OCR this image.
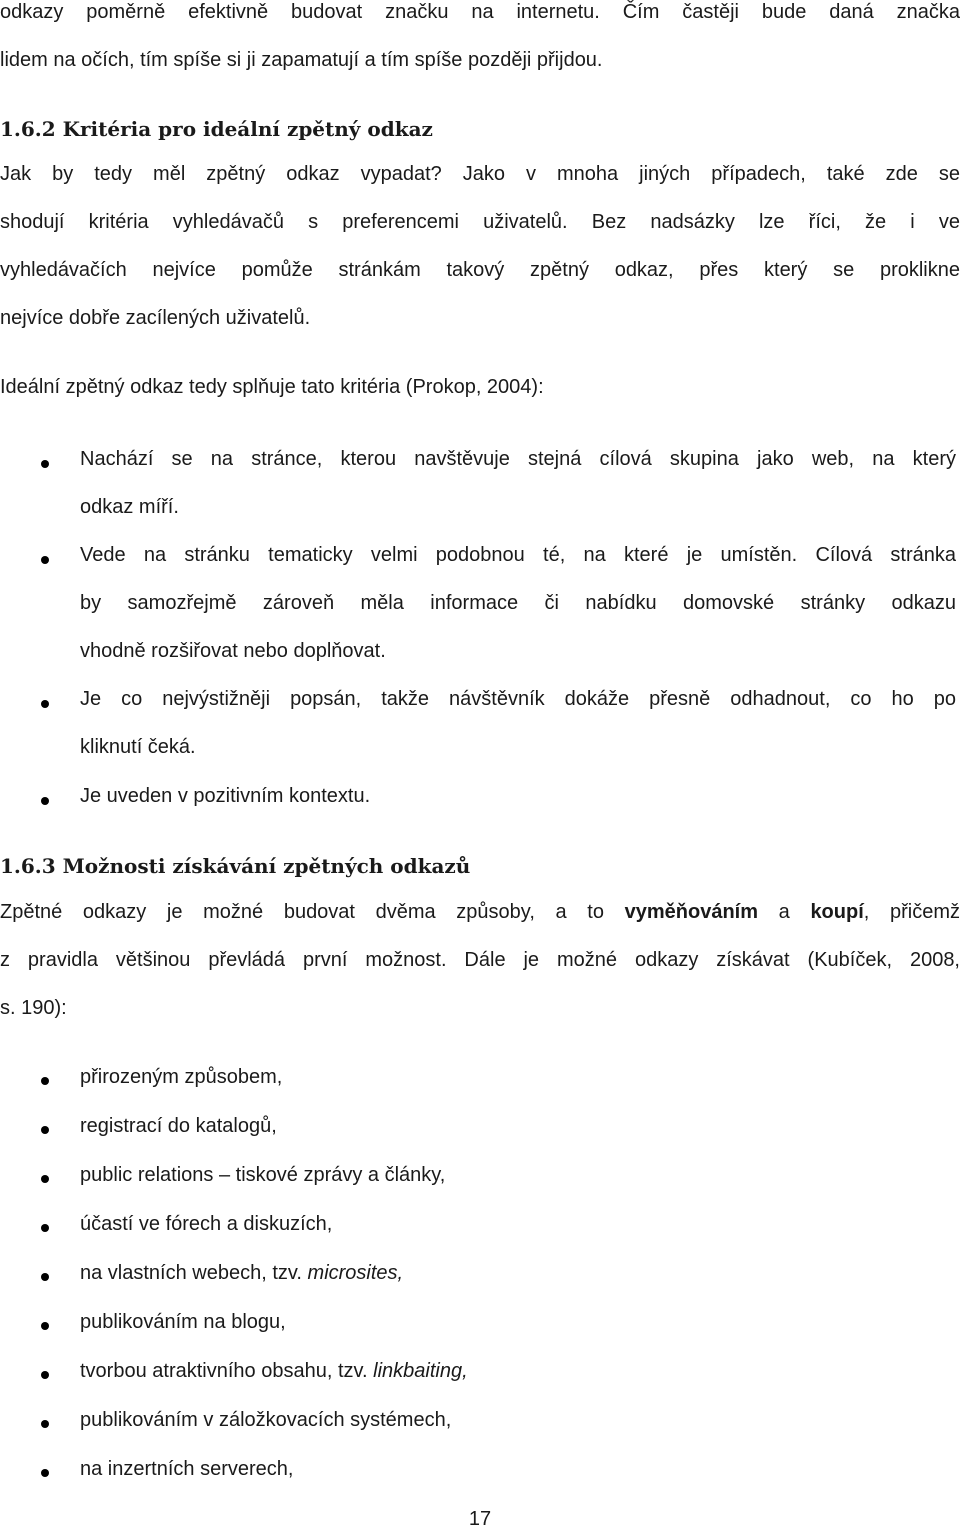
odkazy poměrně efektivně budovat značku na internetu. Čím častěji bude daná značka
lidem na očích, tím spíše si ji zapamatují a tím spíše později přijdou.
1.6.2 Kritéria pro ideální zpětný odkaz
Jak by tedy měl zpětný odkaz vypadat? Jako v mnoha jiných případech, také zde se
shodují kritéria vyhledávačů s preferencemi uživatelů. Bez nadsázky lze říci, že i ve
vyhledávačích nejvíce pomůže stránkám takový zpětný odkaz, přes který se proklikne
nejvíce dobře zacílených uživatelů.
Ideální zpětný odkaz tedy splňuje tato kritéria (Prokop, 2004):
Nachází se na stránce, kterou navštěvuje stejná cílová skupina jako web, na který
odkaz míří.
Vede na stránku tematicky velmi podobnou té, na které je umístěn. Cílová stránka
by samozřejmě zároveň měla informace či nabídku domovské stránky odkazu
vhodně rozšiřovat nebo doplňovat.
Je co nejvýstižněji popsán, takže návštěvník dokáže přesně odhadnout, co ho po
kliknutí čeká.
Je uveden v pozitivním kontextu.
1.6.3 Možnosti získávání zpětných odkazů
Zpětné odkazy je možné budovat dvěma způsoby, a to vyměňováním a koupí, přičemž
z pravidla většinou převládá první možnost. Dále je možné odkazy získávat (Kubíček, 2008,
s. 190):
přirozeným způsobem,
registrací do katalogů,
public relations – tiskové zprávy a články,
účastí ve fórech a diskuzích,
na vlastních webech, tzv. microsites,
publikováním na blogu,
tvorbou atraktivního obsahu, tzv. linkbaiting,
publikováním v záložkovacích systémech,
na inzertních serverech,
17
